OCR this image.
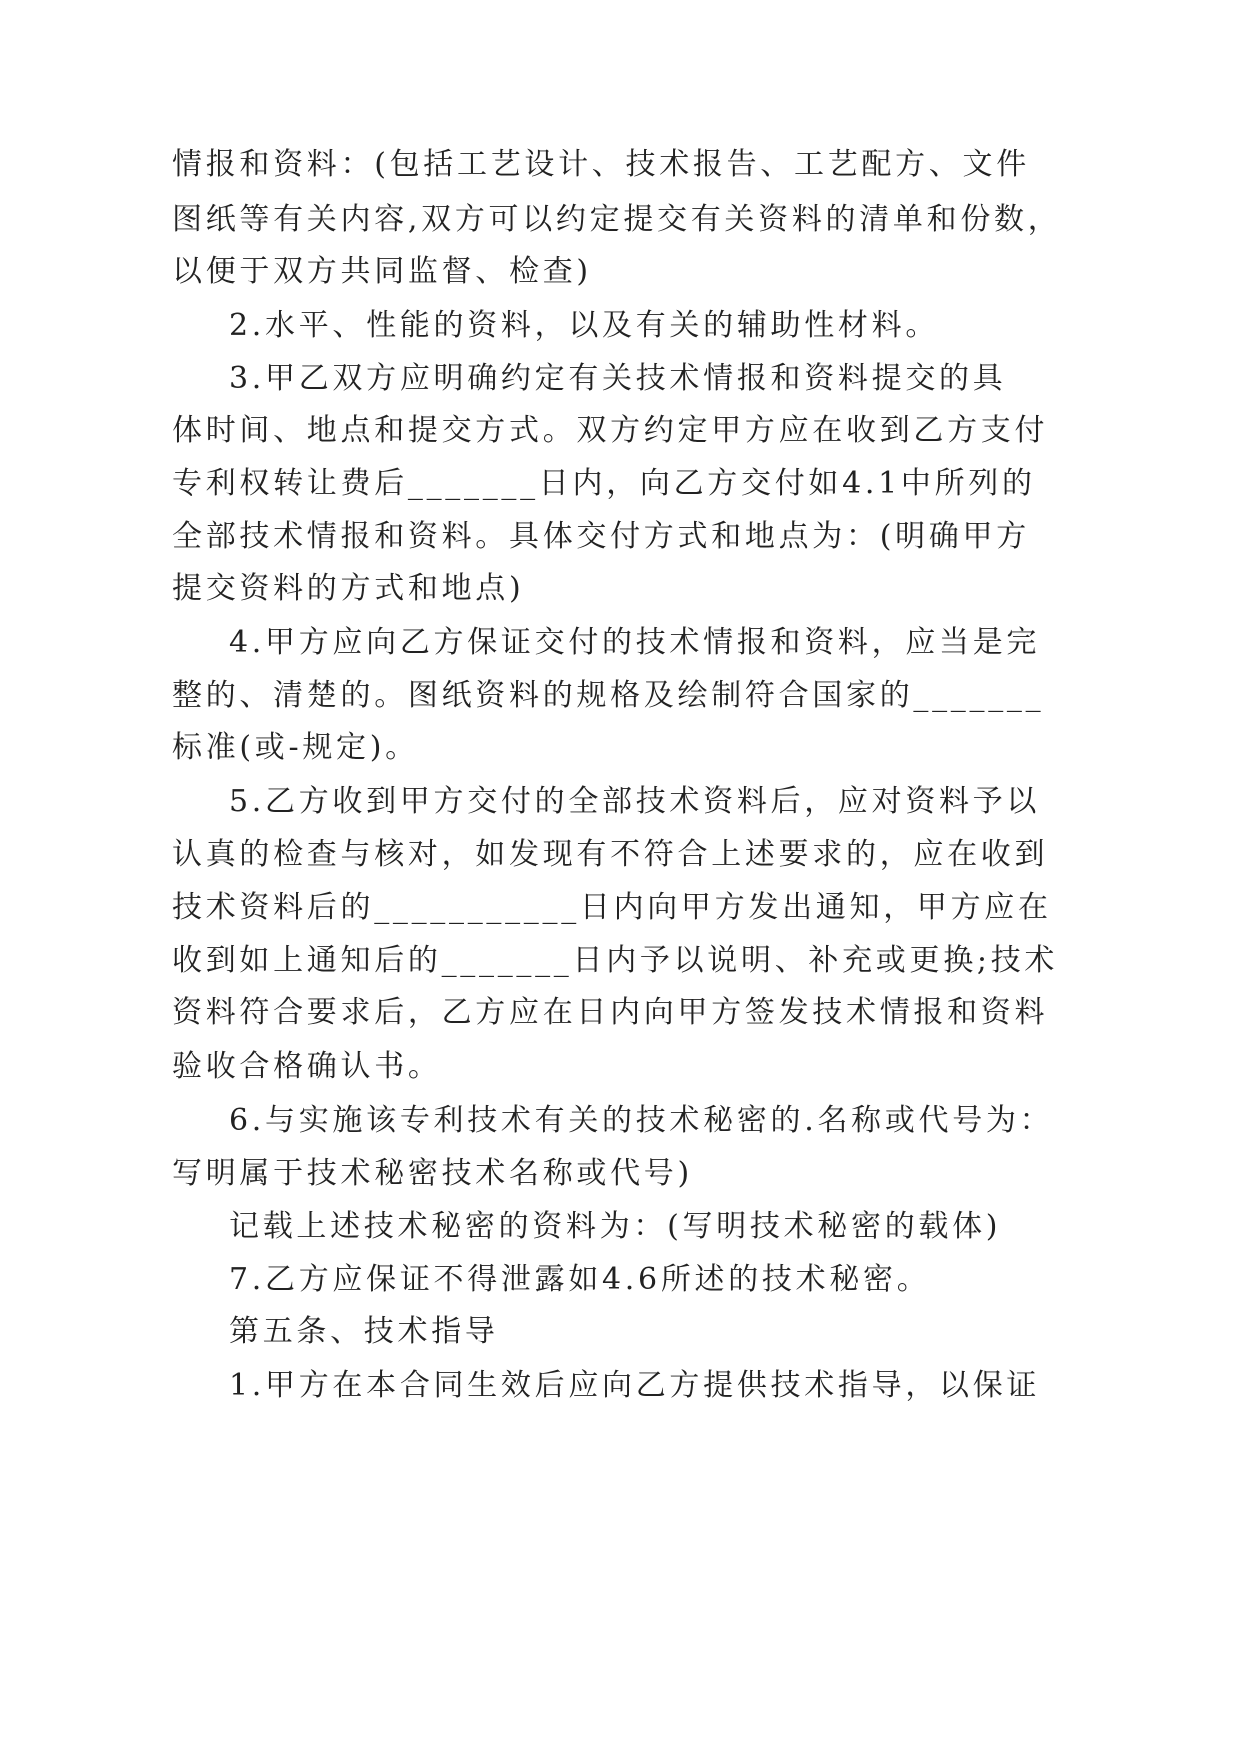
情报和资料：(包括工艺设计、技术报告、工艺配方、文件

图纸等有关内容,双方可以约定提交有关资料的清单和份数，

以便于双方共同监督、检查)

2.水平、性能的资料，以及有关的辅助性材料。

3.甲乙双方应明确约定有关技术情报和资料提交的具

体时间、地点和提交方式。双方约定甲方应在收到乙方支付

专利权转让费后_______日内，向乙方交付如4.1中所列的

全部技术情报和资料。具体交付方式和地点为：(明确甲方

提交资料的方式和地点)

4.甲方应向乙方保证交付的技术情报和资料，应当是完

整的、清楚的。图纸资料的规格及绘制符合国家的_______

标准(或-规定)。

5.乙方收到甲方交付的全部技术资料后，应对资料予以

认真的检查与核对，如发现有不符合上述要求的，应在收到

技术资料后的___________日内向甲方发出通知，甲方应在

收到如上通知后的_______日内予以说明、补充或更换;技术

资料符合要求后，乙方应在日内向甲方签发技术情报和资料

验收合格确认书。

6.与实施该专利技术有关的技术秘密的.名称或代号为：

写明属于技术秘密技术名称或代号)

记载上述技术秘密的资料为：(写明技术秘密的载体)

7.乙方应保证不得泄露如4.6所述的技术秘密。

第五条、技术指导

1.甲方在本合同生效后应向乙方提供技术指导，以保证
